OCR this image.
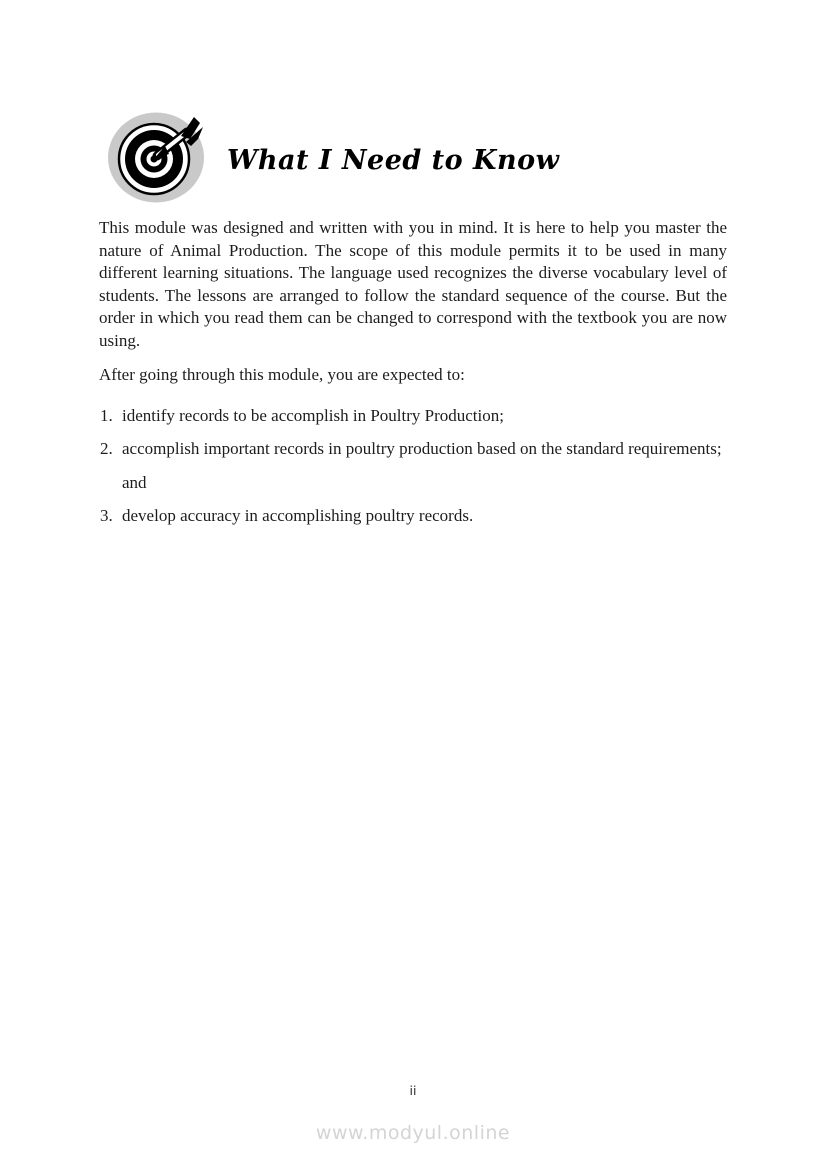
What I Need to Know

This module was designed and written with you in mind. It is here to help you master the nature of Animal Production. The scope of this module permits it to be used in many different learning situations. The language used recognizes the diverse vocabulary level of students. The lessons are arranged to follow the standard sequence of the course. But the order in which you read them can be changed to correspond with the textbook you are now using.

After going through this module, you are expected to:

1. identify records to be accomplish in Poultry Production;
2. accomplish important records in poultry production based on the standard requirements; and
3. develop accuracy in accomplishing poultry records.
ii
www.modyul.online
